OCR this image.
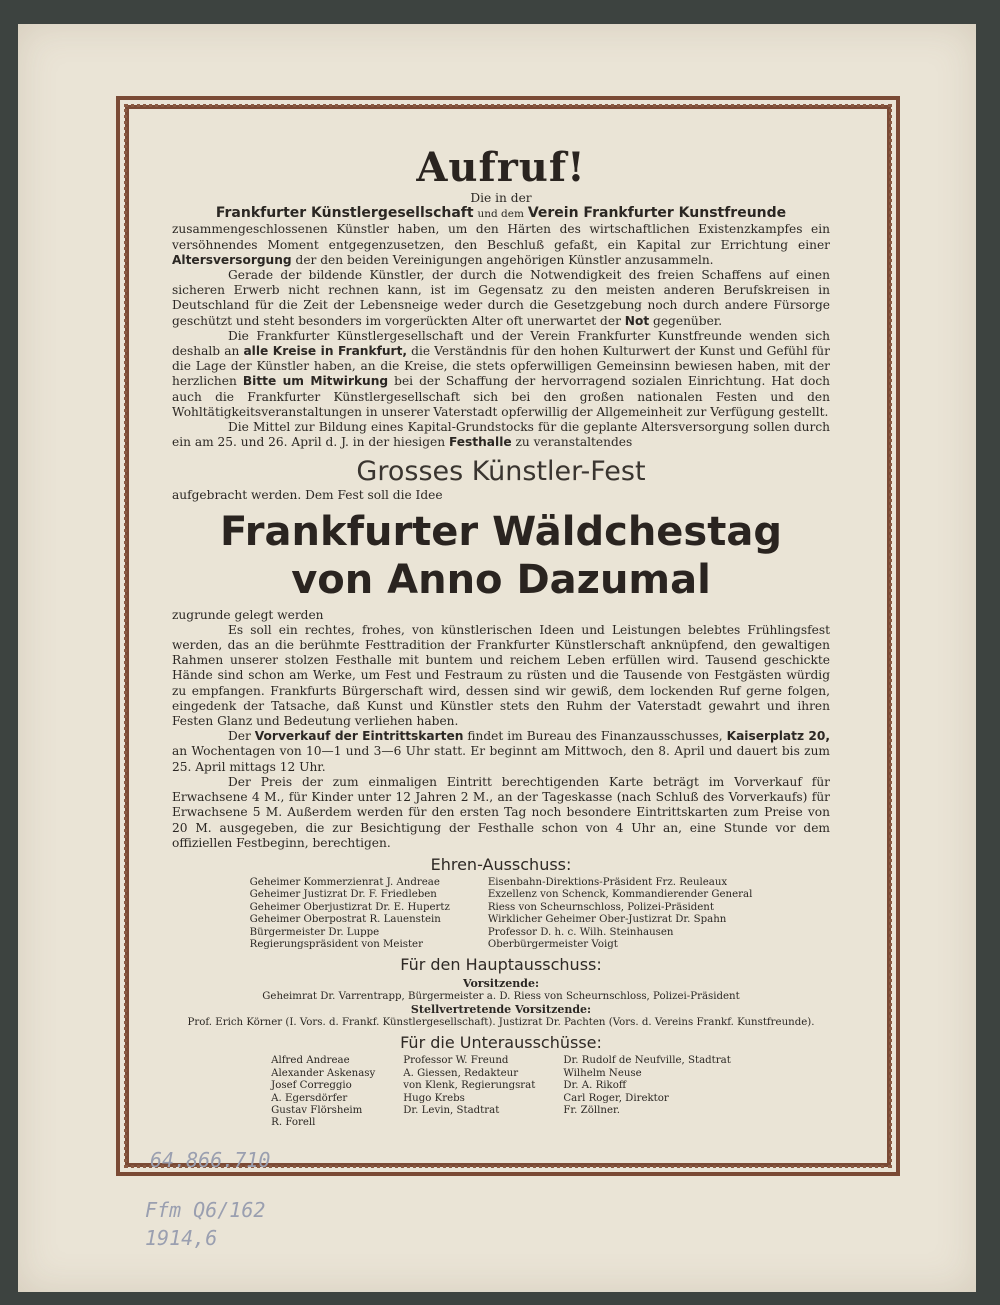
Aufruf!
Die in der
Frankfurter Künstlergesellschaft und dem Verein Frankfurter Kunstfreunde

zusammengeschlossenen Künstler haben, um den Härten des wirtschaftlichen Existenzkampfes ein versöhnendes Moment entgegenzusetzen, den Beschluß gefaßt, ein Kapital zur Errichtung einer Altersversorgung der den beiden Vereinigungen angehörigen Künstler anzusammeln.

Gerade der bildende Künstler, der durch die Notwendigkeit des freien Schaffens auf einen sicheren Erwerb nicht rechnen kann, ist im Gegensatz zu den meisten anderen Berufskreisen in Deutschland für die Zeit der Lebensneige weder durch die Gesetzgebung noch durch andere Fürsorge geschützt und steht besonders im vorgerückten Alter oft unerwartet der Not gegenüber.

Die Frankfurter Künstlergesellschaft und der Verein Frankfurter Kunstfreunde wenden sich deshalb an alle Kreise in Frankfurt, die Verständnis für den hohen Kulturwert der Kunst und Gefühl für die Lage der Künstler haben, an die Kreise, die stets opferwilligen Gemeinsinn bewiesen haben, mit der herzlichen Bitte um Mitwirkung bei der Schaffung der hervorragend sozialen Einrichtung. Hat doch auch die Frankfurter Künstlergesellschaft sich bei den großen nationalen Festen und den Wohltätigkeitsveranstaltungen in unserer Vaterstadt opferwillig der Allgemeinheit zur Verfügung gestellt.

Die Mittel zur Bildung eines Kapital-Grundstocks für die geplante Altersversorgung sollen durch ein am 25. und 26. April d. J. in der hiesigen Festhalle zu veranstaltendes

Grosses Künstler-Fest

aufgebracht werden. Dem Fest soll die Idee

Frankfurter Wäldchestag
von Anno Dazumal

zugrunde gelegt werden

Es soll ein rechtes, frohes, von künstlerischen Ideen und Leistungen belebtes Frühlingsfest werden, das an die berühmte Festtradition der Frankfurter Künstlerschaft anknüpfend, den gewaltigen Rahmen unserer stolzen Festhalle mit buntem und reichem Leben erfüllen wird. Tausend geschickte Hände sind schon am Werke, um Fest und Festraum zu rüsten und die Tausende von Festgästen würdig zu empfangen. Frankfurts Bürgerschaft wird, dessen sind wir gewiß, dem lockenden Ruf gerne folgen, eingedenk der Tatsache, daß Kunst und Künstler stets den Ruhm der Vaterstadt gewahrt und ihren Festen Glanz und Bedeutung verliehen haben.

Der Vorverkauf der Eintrittskarten findet im Bureau des Finanzausschusses, Kaiserplatz 20, an Wochentagen von 10—1 und 3—6 Uhr statt. Er beginnt am Mittwoch, den 8. April und dauert bis zum 25. April mittags 12 Uhr.

Der Preis der zum einmaligen Eintritt berechtigenden Karte beträgt im Vorverkauf für Erwachsene 4 M., für Kinder unter 12 Jahren 2 M., an der Tageskasse (nach Schluß des Vorverkaufs) für Erwachsene 5 M. Außerdem werden für den ersten Tag noch besondere Eintrittskarten zum Preise von 20 M. ausgegeben, die zur Besichtigung der Festhalle schon von 4 Uhr an, eine Stunde vor dem offiziellen Festbeginn, berechtigen.

Ehren-Ausschuss:
Geheimer Kommerzienrat J. Andreae
Geheimer Justizrat Dr. F. Friedleben
Geheimer Oberjustizrat Dr. E. Hupertz
Geheimer Oberpostrat R. Lauenstein
Bürgermeister Dr. Luppe
Regierungspräsident von Meister
Eisenbahn-Direktions-Präsident Frz. Reuleaux
Exzellenz von Schenck, Kommandierender General
Riess von Scheurnschloss, Polizei-Präsident
Wirklicher Geheimer Ober-Justizrat Dr. Spahn
Professor D. h. c. Wilh. Steinhausen
Oberbürgermeister Voigt
Für den Hauptausschuss:
Vorsitzende:
Geheimrat Dr. Varrentrapp, Bürgermeister a. D. Riess von Scheurnschloss, Polizei-Präsident
Stellvertretende Vorsitzende:
Prof. Erich Körner (I. Vors. d. Frankf. Künstlergesellschaft). Justizrat Dr. Pachten (Vors. d. Vereins Frankf. Kunstfreunde).
Für die Unterausschüsse:
Alfred Andreae
Alexander Askenasy
Josef Correggio
A. Egersdörfer
Gustav Flörsheim
R. Forell
Professor W. Freund
A. Giessen, Redakteur
von Klenk, Regierungsrat
Hugo Krebs
Dr. Levin, Stadtrat
Dr. Rudolf de Neufville, Stadtrat
Wilhelm Neuse
Dr. A. Rikoff
Carl Roger, Direktor
Fr. Zöllner.
64.866.710
Ffm Q6/162
1914,6
